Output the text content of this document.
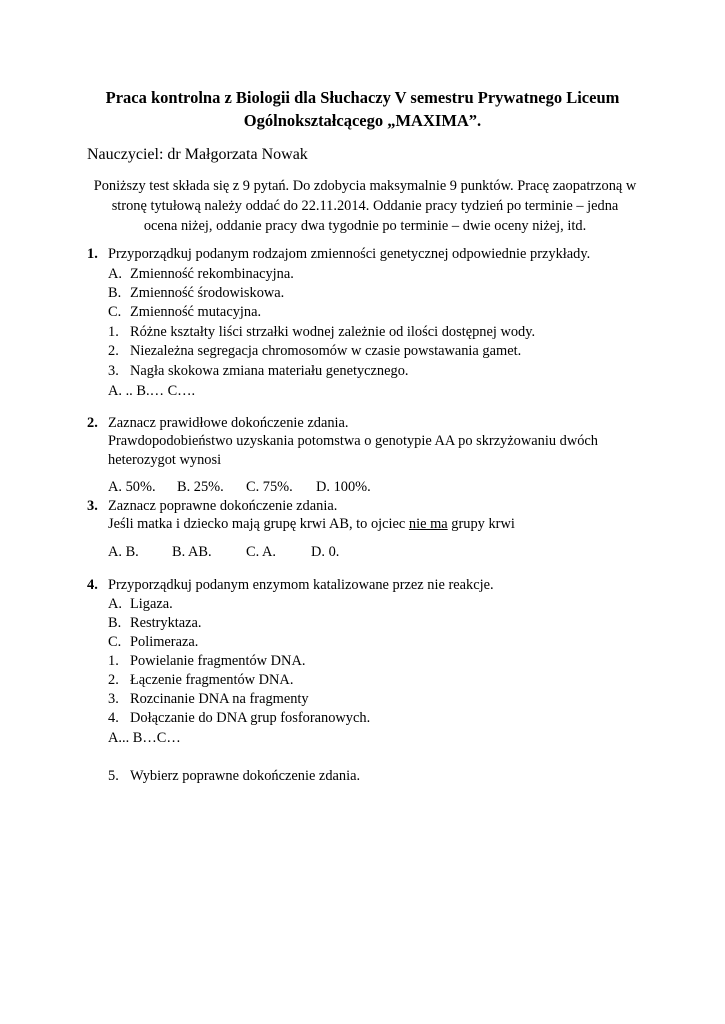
Praca kontrolna z Biologii dla Słuchaczy V semestru Prywatnego Liceum
Ogólnokształcącego „MAXIMA”.
Nauczyciel: dr Małgorzata Nowak
Poniższy test składa się z 9 pytań. Do zdobycia maksymalnie 9 punktów. Pracę zaopatrzoną w
stronę tytułową należy oddać do 22.11.2014. Oddanie pracy tydzień po terminie – jedna
ocena niżej, oddanie pracy dwa tygodnie po terminie – dwie oceny niżej, itd.
1. Przyporządkuj podanym rodzajom zmienności genetycznej odpowiednie przykłady.
A. Zmienność rekombinacyjna.
B. Zmienność środowiskowa.
C. Zmienność mutacyjna.
1. Różne kształty liści strzałki wodnej zależnie od ilości dostępnej wody.
2. Niezależna segregacja chromosomów w czasie powstawania gamet.
3. Nagła skokowa zmiana materiału genetycznego.
A. .. B.… C….
2. Zaznacz prawidłowe dokończenie zdania.
Prawdopodobieństwo uzyskania potomstwa o genotypie AA po skrzyżowaniu dwóch
heterozygot wynosi
A. 50%. B. 25%. C. 75%. D. 100%.
3. Zaznacz poprawne dokończenie zdania.
Jeśli matka i dziecko mają grupę krwi AB, to ojciec nie ma grupy krwi
A. B. B. AB. C. A. D. 0.
4. Przyporządkuj podanym enzymom katalizowane przez nie reakcje.
A. Ligaza.
B. Restryktaza.
C. Polimeraza.
1. Powielanie fragmentów DNA.
2. Łączenie fragmentów DNA.
3. Rozcinanie DNA na fragmenty
4. Dołączanie do DNA grup fosforanowych.
A... B…C…
5. Wybierz poprawne dokończenie zdania.
